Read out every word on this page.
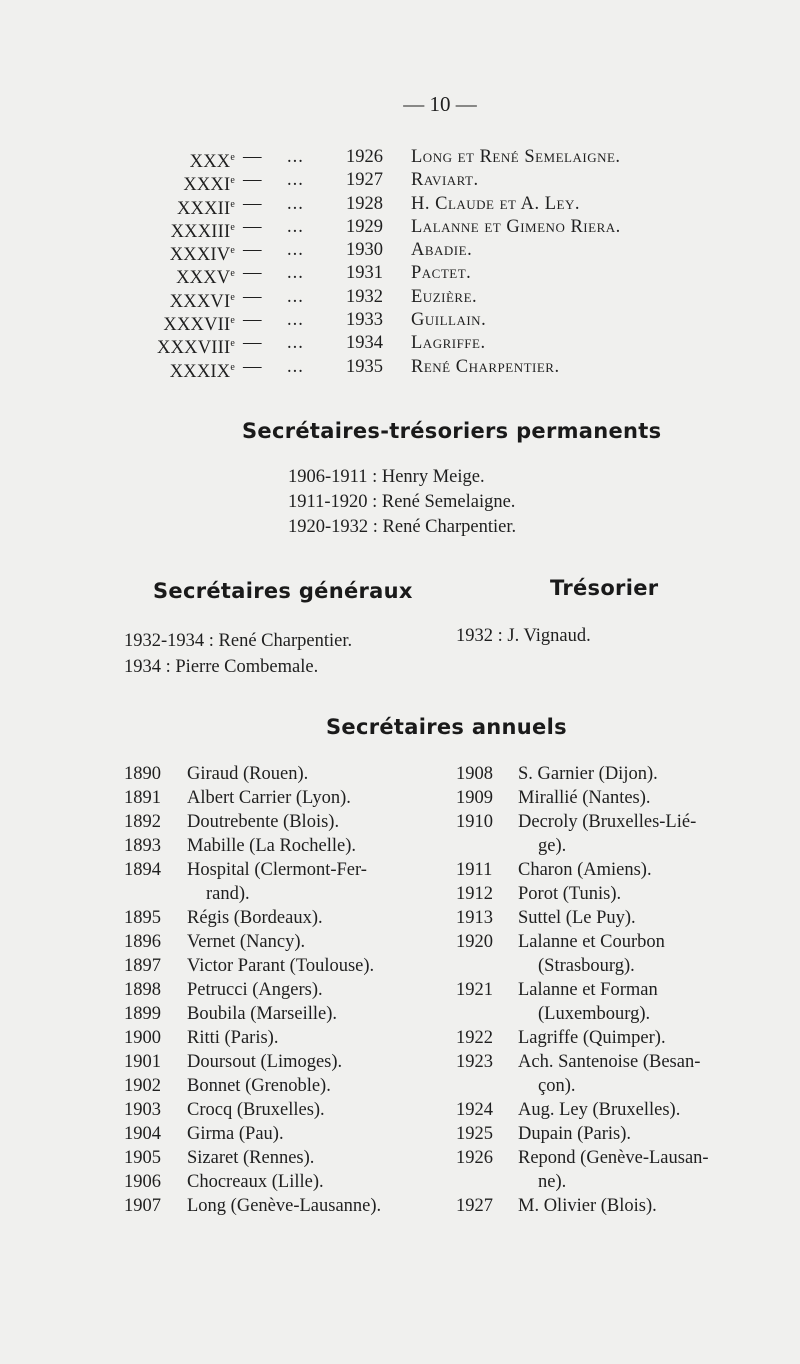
— 10 —
XXXe — ... 1926 Long et René Semelaigne.
XXXIe — ... 1927 Raviart.
XXXIIe — ... 1928 H. Claude et A. Ley.
XXXIIIe — ... 1929 Lalanne et Gimeno Riera.
XXXIVe — ... 1930 Abadie.
XXXVe — ... 1931 Pactet.
XXXVIe — ... 1932 Euzière.
XXXVIIe — ... 1933 Guillain.
XXXVIIIe — ... 1934 Lagriffe.
XXXIXe — ... 1935 René Charpentier.
Secrétaires-trésoriers permanents
1906-1911 : Henry Meige.
1911-1920 : René Semelaigne.
1920-1932 : René Charpentier.
Secrétaires généraux	Trésorier
1932-1934 : René Charpentier.
1934 : Pierre Combemale.
1932 : J. Vignaud.
Secrétaires annuels
1890 Giraud (Rouen).
1891 Albert Carrier (Lyon).
1892 Doutrebente (Blois).
1893 Mabille (La Rochelle).
1894 Hospital (Clermont-Fer-
rand).
1895 Régis (Bordeaux).
1896 Vernet (Nancy).
1897 Victor Parant (Toulouse).
1898 Petrucci (Angers).
1899 Boubila (Marseille).
1900 Ritti (Paris).
1901 Doursout (Limoges).
1902 Bonnet (Grenoble).
1903 Crocq (Bruxelles).
1904 Girma (Pau).
1905 Sizaret (Rennes).
1906 Chocreaux (Lille).
1907 Long (Genève-Lausanne).
1908 S. Garnier (Dijon).
1909 Mirallié (Nantes).
1910 Decroly (Bruxelles-Lié-
ge).
1911 Charon (Amiens).
1912 Porot (Tunis).
1913 Suttel (Le Puy).
1920 Lalanne et Courbon
(Strasbourg).
1921 Lalanne et Forman
(Luxembourg).
1922 Lagriffe (Quimper).
1923 Ach. Santenoise (Besan-
çon).
1924 Aug. Ley (Bruxelles).
1925 Dupain (Paris).
1926 Repond (Genève-Lausan-
ne).
1927 M. Olivier (Blois).
